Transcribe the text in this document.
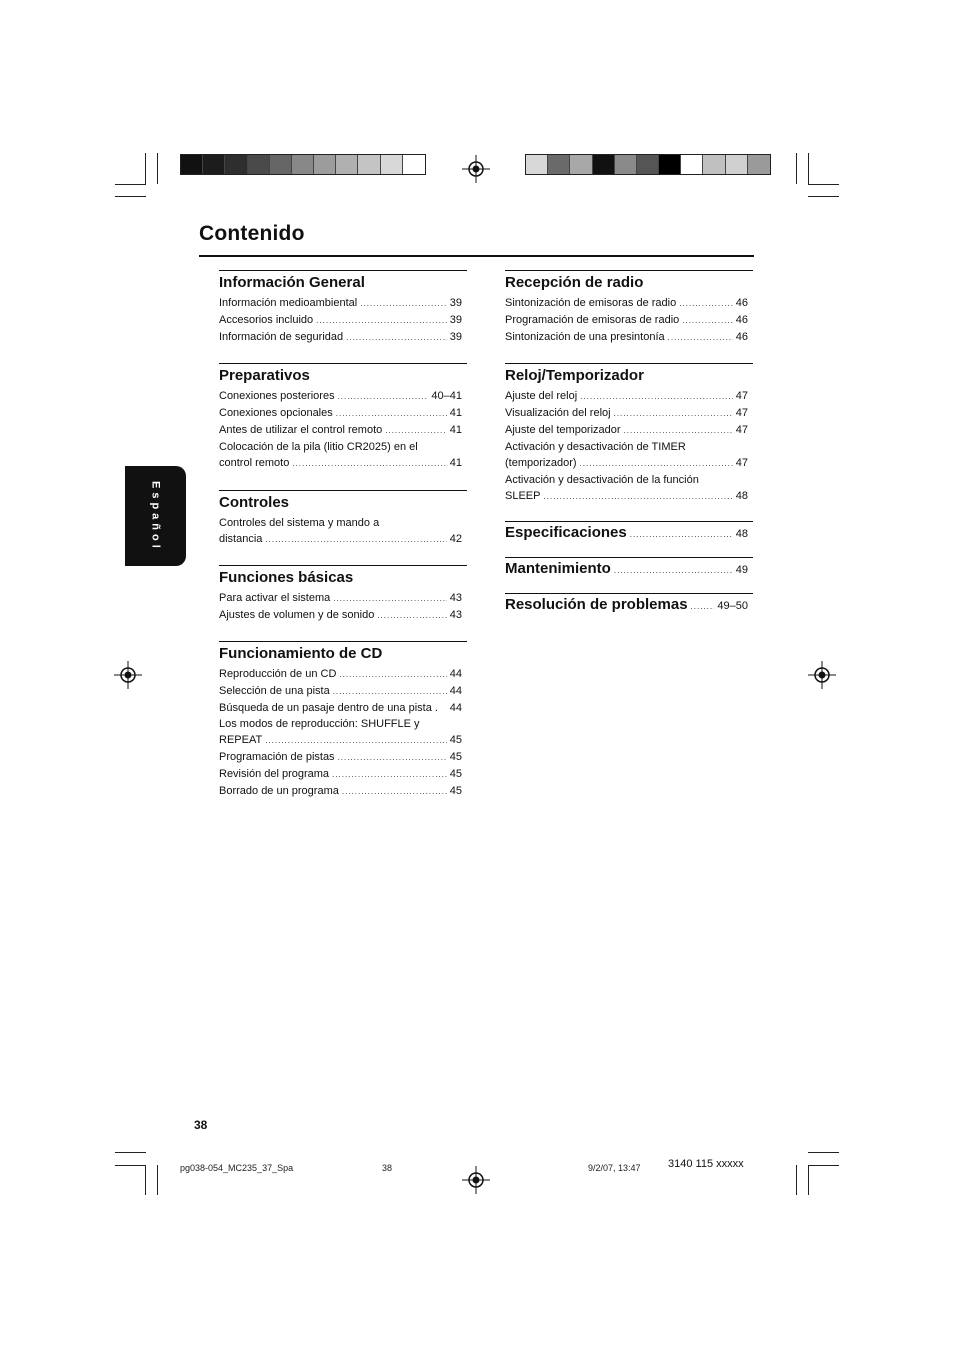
Contenido
Español
Información General
Información medioambiental .....	39
Accesorios incluido .....	39
Información de seguridad .....	39
Preparativos
Conexiones posteriores .....	40–41
Conexiones opcionales .....	41
Antes de utilizar el control remoto .....	41
Colocación de la pila (litio CR2025) en el
control remoto .....	41
Controles
Controles del sistema y mando a
distancia .....	42
Funciones básicas
Para activar el sistema .....	43
Ajustes de volumen y de sonido .....	43
Funcionamiento de CD
Reproducción de un CD .....	44
Selección de una pista .....	44
Búsqueda de un pasaje dentro de una pista . 44
Los modos de reproducción: SHUFFLE y
REPEAT .....	45
Programación de pistas .....	45
Revisión del programa .....	45
Borrado de un programa .....	45
Recepción de radio
Sintonización de emisoras de radio .....	46
Programación de emisoras de radio .....	46
Sintonización de una presintonía .....	46
Reloj/Temporizador
Ajuste del reloj .....	47
Visualización del reloj .....	47
Ajuste del temporizador .....	47
Activación y desactivación de TIMER
(temporizador) .....	47
Activación y desactivación de la función
SLEEP .....	48
Especificaciones .....	48
Mantenimiento .....	49
Resolución de problemas .....	49–50
38
pg038-054_MC235_37_Spa	38	9/2/07, 13:47 3140 115 xxxxx
